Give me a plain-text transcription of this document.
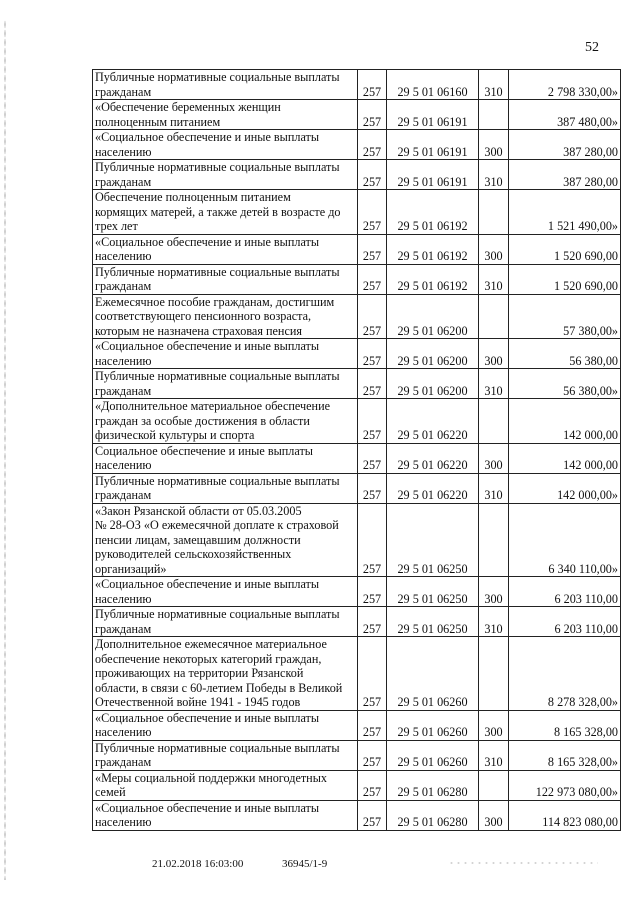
52
Публичные нормативные социальные выплаты
гражданам	257	29 5 01 06160	310	2 798 330,00»
«Обеспечение беременных женщин
полноценным питанием	257	29 5 01 06191		387 480,00»
«Социальное обеспечение и иные выплаты
населению	257	29 5 01 06191	300	387 280,00
Публичные нормативные социальные выплаты
гражданам	257	29 5 01 06191	310	387 280,00
Обеспечение полноценным питанием
кормящих матерей, а также детей в возрасте до
трех лет	257	29 5 01 06192		1 521 490,00»
«Социальное обеспечение и иные выплаты
населению	257	29 5 01 06192	300	1 520 690,00
Публичные нормативные социальные выплаты
гражданам	257	29 5 01 06192	310	1 520 690,00
Ежемесячное пособие гражданам, достигшим
соответствующего пенсионного возраста,
которым не назначена страховая пенсия	257	29 5 01 06200		57 380,00»
«Социальное обеспечение и иные выплаты
населению	257	29 5 01 06200	300	56 380,00
Публичные нормативные социальные выплаты
гражданам	257	29 5 01 06200	310	56 380,00»
«Дополнительное материальное обеспечение
граждан за особые достижения в области
физической культуры и спорта	257	29 5 01 06220		142 000,00
Социальное обеспечение и иные выплаты
населению	257	29 5 01 06220	300	142 000,00
Публичные нормативные социальные выплаты
гражданам	257	29 5 01 06220	310	142 000,00»
«Закон Рязанской области от 05.03.2005
№ 28-ОЗ «О ежемесячной доплате к страховой
пенсии лицам, замещавшим должности
руководителей сельскохозяйственных
организаций»	257	29 5 01 06250		6 340 110,00»
«Социальное обеспечение и иные выплаты
населению	257	29 5 01 06250	300	6 203 110,00
Публичные нормативные социальные выплаты
гражданам	257	29 5 01 06250	310	6 203 110,00
Дополнительное ежемесячное материальное
обеспечение некоторых категорий граждан,
проживающих на территории Рязанской
области, в связи с 60-летием Победы в Великой
Отечественной войне 1941 - 1945 годов	257	29 5 01 06260		8 278 328,00»
«Социальное обеспечение и иные выплаты
населению	257	29 5 01 06260	300	8 165 328,00
Публичные нормативные социальные выплаты
гражданам	257	29 5 01 06260	310	8 165 328,00»
«Меры социальной поддержки многодетных
семей	257	29 5 01 06280		122 973 080,00»
«Социальное обеспечение и иные выплаты
населению	257	29 5 01 06280	300	114 823 080,00
21.02.2018 16:03:00	36945/1-9
